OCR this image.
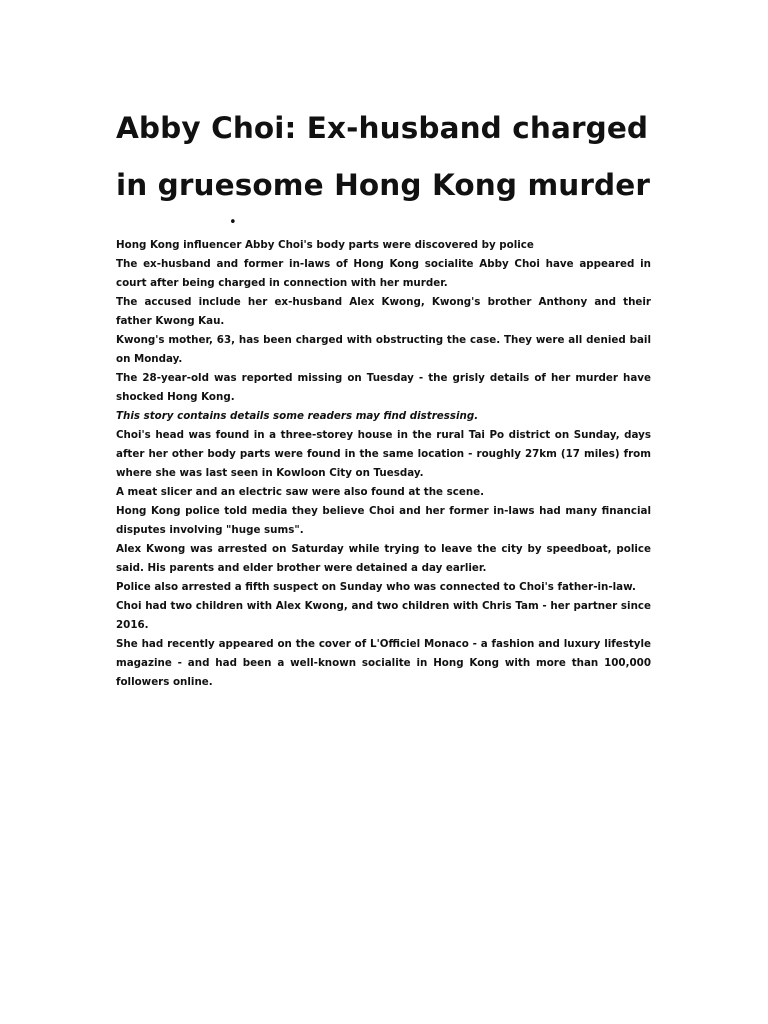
Abby Choi: Ex-husband charged
in gruesome Hong Kong murder
•

Hong Kong influencer Abby Choi's body parts were discovered by police

The ex-husband and former in-laws of Hong Kong socialite Abby Choi have appeared in court after being charged in connection with her murder.

The accused include her ex-husband Alex Kwong, Kwong's brother Anthony and their father Kwong Kau.

Kwong's mother, 63, has been charged with obstructing the case. They were all denied bail on Monday.

The 28-year-old was reported missing on Tuesday - the grisly details of her murder have shocked Hong Kong.

This story contains details some readers may find distressing.

Choi's head was found in a three-storey house in the rural Tai Po district on Sunday, days after her other body parts were found in the same location - roughly 27km (17 miles) from where she was last seen in Kowloon City on Tuesday.

A meat slicer and an electric saw were also found at the scene.

Hong Kong police told media they believe Choi and her former in-laws had many financial disputes involving "huge sums".

Alex Kwong was arrested on Saturday while trying to leave the city by speedboat, police said. His parents and elder brother were detained a day earlier.

Police also arrested a fifth suspect on Sunday who was connected to Choi's father-in-law.

Choi had two children with Alex Kwong, and two children with Chris Tam - her partner since 2016.

She had recently appeared on the cover of L'Officiel Monaco - a fashion and luxury lifestyle magazine - and had been a well-known socialite in Hong Kong with more than 100,000 followers online.
